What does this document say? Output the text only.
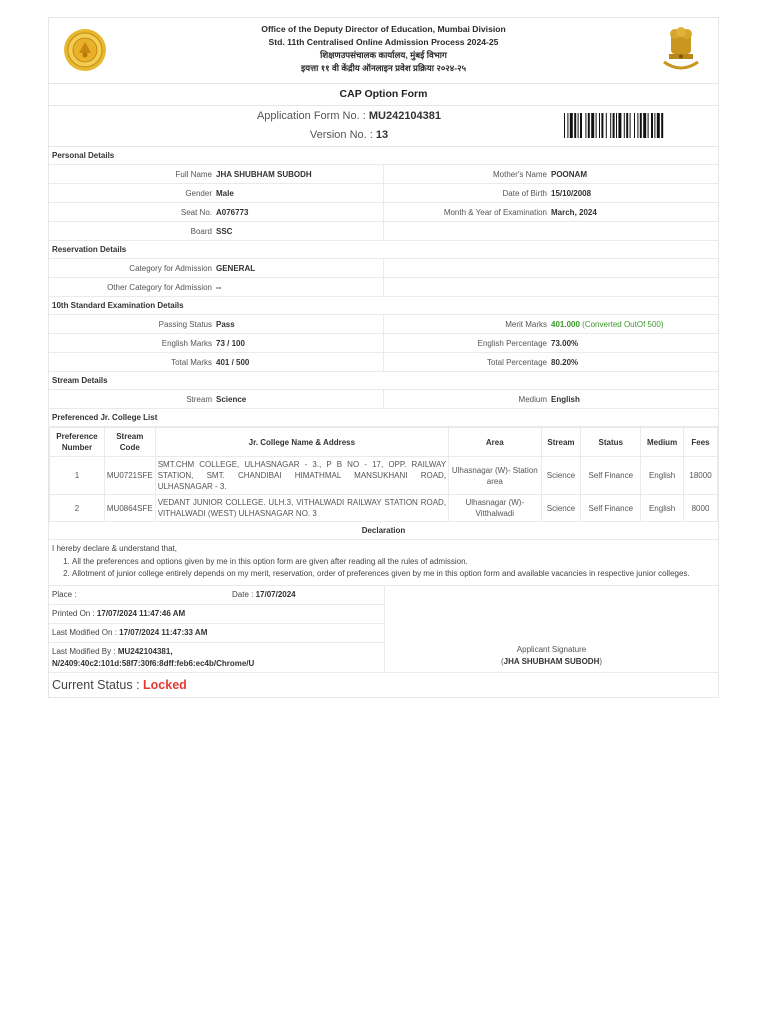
Office of the Deputy Director of Education, Mumbai Division
Std. 11th Centralised Online Admission Process 2024-25
शिक्षणउपसंचालक कार्यालय, मुंबई विभाग
इयत्ता ११ वी केंद्रीय ऑनलाइन प्रवेश प्रक्रिया २०२४-२५
CAP Option Form
Application Form No. : MU242104381
Version No. : 13
Personal Details
Full Name JHA SHUBHAM SUBODH	Mother's Name POONAM
Gender Male	Date of Birth 15/10/2008
Seat No. A076773	Month & Year of Examination March, 2024
Board SSC
Reservation Details
Category for Admission GENERAL
Other Category for Admission --
10th Standard Examination Details
Passing Status Pass	Merit Marks 401.000
(Converted OutOf 500)
English Marks 73 / 100	English Percentage 73.00%
Total Marks 401 / 500	Total Percentage 80.20%
Stream Details
Stream Science	Medium English
Preferenced Jr. College List
Preference Number	Stream Code	Jr. College Name & Address	Area	Stream	Status	Medium	Fees
1	MU0721SFE	SMT.CHM COLLEGE, ULHASNAGAR - 3., P B NO - 17, OPP. RAILWAY STATION, SMT. CHANDIBAI HIMATHMAL MANSUKHANI ROAD, ULHASNAGAR - 3.	Ulhasnagar (W)- Station area	Science	Self Finance	English	18000
2	MU0864SFE	VEDANT JUNIOR COLLEGE. ULH.3, VITHALWADI RAILWAY STATION ROAD, VITHALWADI (WEST) ULHASNAGAR NO. 3	Ulhasnagar (W)- Vitthalwadi	Science	Self Finance	English	8000
Declaration
I hereby declare & understand that,
1. All the preferences and options given by me in this option form are given after reading all the rules of admission.
2. Allotment of junior college entirely depends on my merit, reservation, order of preferences given by me in this option form and available vacancies in respective junior colleges.
Place :	Date : 17/07/2024
Printed On : 17/07/2024 11:47:46 AM
Last Modified On : 17/07/2024 11:47:33 AM
Last Modified By : MU242104381,
N/2409:40c2:101d:58f7:30f6:8dff:feb6:ec4b/Chrome/U
Applicant Signature
(JHA SHUBHAM SUBODH)
Current Status : Locked
